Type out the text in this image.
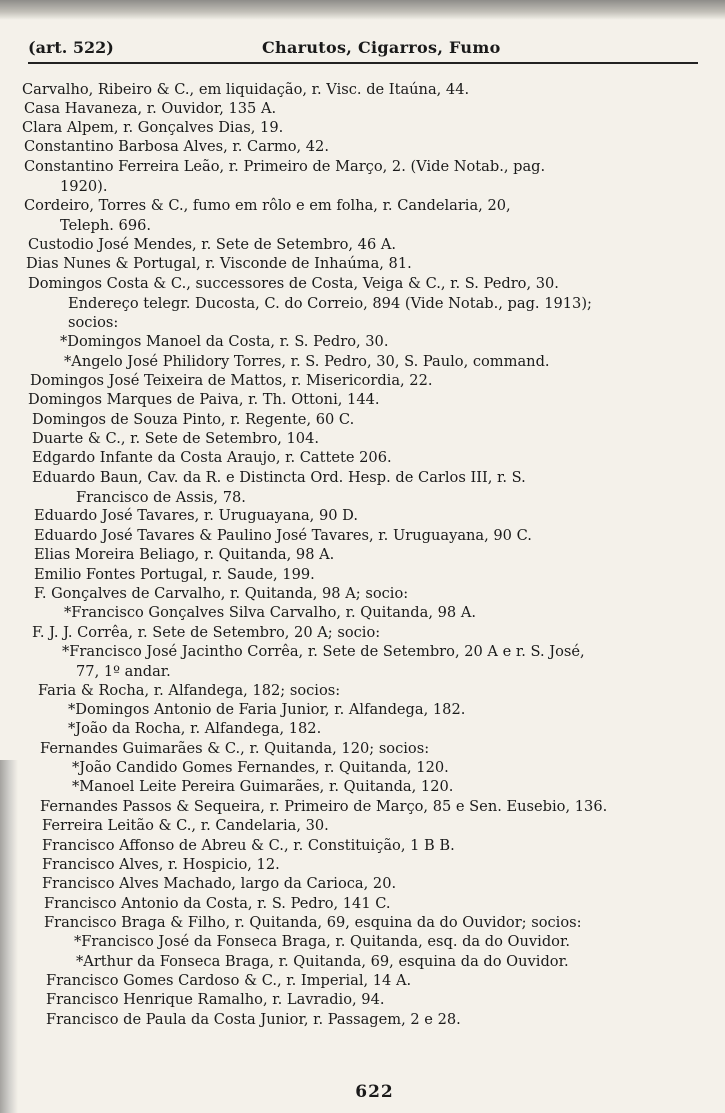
(art. 522)	Charutos, Cigarros, Fumo
Carvalho, Ribeiro & C., em liquidação, r. Visc. de Itaúna, 44.
Casa Havaneza, r. Ouvidor, 135 A.
Clara Alpem, r. Gonçalves Dias, 19.
Constantino Barbosa Alves, r. Carmo, 42.
Constantino Ferreira Leão, r. Primeiro de Março, 2. (Vide Notab., pag.
1920).
Cordeiro, Torres & C., fumo em rôlo e em folha, r. Candelaria, 20,
Teleph. 696.
Custodio José Mendes, r. Sete de Setembro, 46 A.
Dias Nunes & Portugal, r. Visconde de Inhaúma, 81.
Domingos Costa & C., successores de Costa, Veiga & C., r. S. Pedro, 30.
Endereço telegr. Ducosta, C. do Correio, 894 (Vide Notab., pag. 1913);
socios:
*Domingos Manoel da Costa, r. S. Pedro, 30.
*Angelo José Philidory Torres, r. S. Pedro, 30, S. Paulo, command.
Domingos José Teixeira de Mattos, r. Misericordia, 22.
Domingos Marques de Paiva, r. Th. Ottoni, 144.
Domingos de Souza Pinto, r. Regente, 60 C.
Duarte & C., r. Sete de Setembro, 104.
Edgardo Infante da Costa Araujo, r. Cattete 206.
Eduardo Baun, Cav. da R. e Distincta Ord. Hesp. de Carlos III, r. S.
Francisco de Assis, 78.
Eduardo José Tavares, r. Uruguayana, 90 D.
Eduardo José Tavares & Paulino José Tavares, r. Uruguayana, 90 C.
Elias Moreira Beliago, r. Quitanda, 98 A.
Emilio Fontes Portugal, r. Saude, 199.
F. Gonçalves de Carvalho, r. Quitanda, 98 A; socio:
*Francisco Gonçalves Silva Carvalho, r. Quitanda, 98 A.
F. J. J. Corrêa, r. Sete de Setembro, 20 A; socio:
*Francisco José Jacintho Corrêa, r. Sete de Setembro, 20 A e r. S. José,
77, 1º andar.
Faria & Rocha, r. Alfandega, 182; socios:
*Domingos Antonio de Faria Junior, r. Alfandega, 182.
*João da Rocha, r. Alfandega, 182.
Fernandes Guimarães & C., r. Quitanda, 120; socios:
*João Candido Gomes Fernandes, r. Quitanda, 120.
*Manoel Leite Pereira Guimarães, r. Quitanda, 120.
Fernandes Passos & Sequeira, r. Primeiro de Março, 85 e Sen. Eusebio, 136.
Ferreira Leitão & C., r. Candelaria, 30.
Francisco Affonso de Abreu & C., r. Constituição, 1 B B.
Francisco Alves, r. Hospicio, 12.
Francisco Alves Machado, largo da Carioca, 20.
Francisco Antonio da Costa, r. S. Pedro, 141 C.
Francisco Braga & Filho, r. Quitanda, 69, esquina da do Ouvidor; socios:
*Francisco José da Fonseca Braga, r. Quitanda, esq. da do Ouvidor.
*Arthur da Fonseca Braga, r. Quitanda, 69, esquina da do Ouvidor.
Francisco Gomes Cardoso & C., r. Imperial, 14 A.
Francisco Henrique Ramalho, r. Lavradio, 94.
Francisco de Paula da Costa Junior, r. Passagem, 2 e 28.
622
